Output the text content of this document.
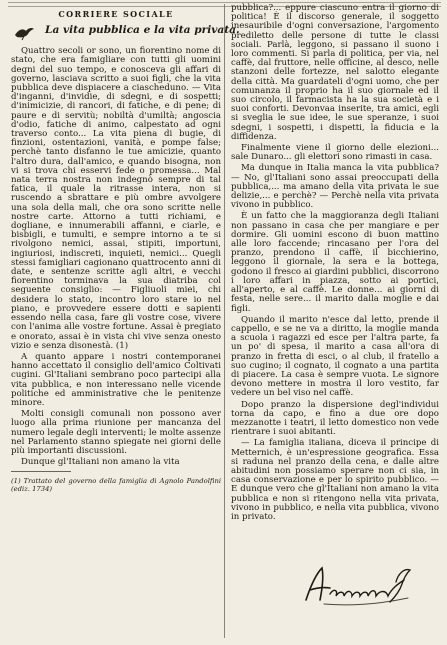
CORRIERE SOCIALE
La vita pubblica e la vita privata.

Quattro secoli or sono, un fiorentino nome di stato, che era famigliare con tutti gli uomini degni del suo tempo, e conosceva gli affari di governo, lasciava scritto a suoi figli, che la vita pubblica deve dispiacere a ciascheduno. — Vita d'inganni, d'invidie, di sdegni, e di sospetti; d'inimicizie, di rancori, di fatiche, e di pene; di paure e di servitù; nobiltà d'umiltà; angoscia d'odio, fatiche di animo, calpestato ad ogni traverso conto... La vita piena di bugie, di finzioni, ostentazioni, vanità, e pompe false; perchè tanto disfanno le tue amicizie, quanto l'altro dura, dall'amico, e quando bisogna, non vi si trova chi esservi fede o promessa... Mal nata terra nostra non indegnò sempre di tal fatica, il quale la ritrasse intera, non si ruscendo a sbrattare e più ombre avvolgere una sola della mali, che ora sono scritte nelle nostre carte. Attorno a tutti richiami, e dogliane, e innumerabili affanni, e ciarle, e bisbigli, e tumulti, e sempre intorno a te si rivolgono nemici, assai, stipiti, importuni, ingiuriosi, indiscreti, inquieti, nemici... Quegli stessi famigliari cagionano quattrocento anni di date, e sentenze scritte agli altri, e vecchi fiorentino torminava la sua diatriba col seguente consiglio: — Figliuoli miei, chi desidera lo stato, incontro loro stare io nel piano, e provvedere essere dotti e sapienti essendo nella casa, fare gli vostre cose, vivere con l'anima alle vostre fortune. Assai è pregiato e onorato, assai è in vista chi vive senza onesto vizio e senza disonestà. (1)

A quanto appare i nostri contemporanei hanno accettato il consiglio dell'amico Coltivati cugini. Gl'Italiani sembrano poco partecipi alla vita pubblica, e non interessano nelle vicende politiche ed amministrative che le penitenze minore.

Molti consigli comunali non possono aver luogo alla prima riunione per mancanza del numero legale degli interventi; le molte assenze nel Parlamento stanno spiegate nei giorni delle più importanti discussioni.

Dunque gl'Italiani non amano la vita

(1) Trattato del governo della famiglia di Agnolo Pandolfini (ediz. 1734)

pubblica?... eppure ciascuno entra il giorno di politica! È il discorso generale, il soggetto inesauribile d'ogni conversazione, l'argomento prediletto delle persone di tutte le classi sociali. Parlà, leggono, si passano il suono i loro commenti. Si parla di politica, per via, nel caffè, dal fruttore, nelle officine, al desco, nelle stanzoni delle fortezze, nel salotto elegante della città. Ma guardateli d'ogni uomo, che per comunanza il proprio ha il suo giornale ed il suo circolo, il farmacista ha la sua società e i suoi conforti. Devonvaa inserite, tra amici, egli si sveglia le sue idee, le sue speranze, i suoi sdegni, i sospetti, i dispetti, la fiducia e la diffidenza.

Finalmente viene il giorno delle elezioni... sale Dunaro... gli elettori sono rimasti in casa.

Ma dunque in Italia manca la vita pubblica? — No, gl'Italiani sono assai preoccupati della pubblica,... ma amano della vita privata le sue delizie,... e perchè? — Perchè nella vita privata vivono in pubblico.

È un fatto che la maggioranza degli Italiani non passano in casa che per mangiare e per dormire. Gli uomini escono di buon mattino alle loro faccende; rincasano per l'ora del pranzo, prendono il caffè, il bicchierino, leggono il giornale, la sera e la bottega, godono il fresco ai giardini pubblici, discorrono i loro affari in piazza, sotto ai portici, all'aperto, e al caffè. Le donne... ai giorni di festa, nelle sere... il marito dalla moglie e dai figli.

Quando il marito n'esce dal letto, prende il cappello, e se ne va a diritto, la moglie manda a scuola i ragazzi ed esce per l'altra parte, fa un po' di spesa, il marito a casa all'ora di pranzo in fretta di esci, o al club, il fratello a suo cugino; il cognato, il cognato a una partita di piacere. La casa è sempre vuota. Le signore devono mettere in mostra il loro vestito, far vedere un bel viso nel caffè.

Dopo pranzo la dispersione degl'individui torna da capo, e fino a due ore dopo mezzanotte i teatri, il letto domestico non vede rientrare i suoi abitanti.

— La famiglia italiana, diceva il principe di Metternich, è un'espressione geografica. Essa si raduna nel pranzo della cena, e dalle altre abitudini non possiamo sperare non ci sia, in casa conservazione e per lo spirito pubblico. — E dunque vero che gl'Italiani non amano la vita pubblica e non si ritengono nella vita privata, vivono in pubblico, e nella vita pubblica, vivono in privato.
